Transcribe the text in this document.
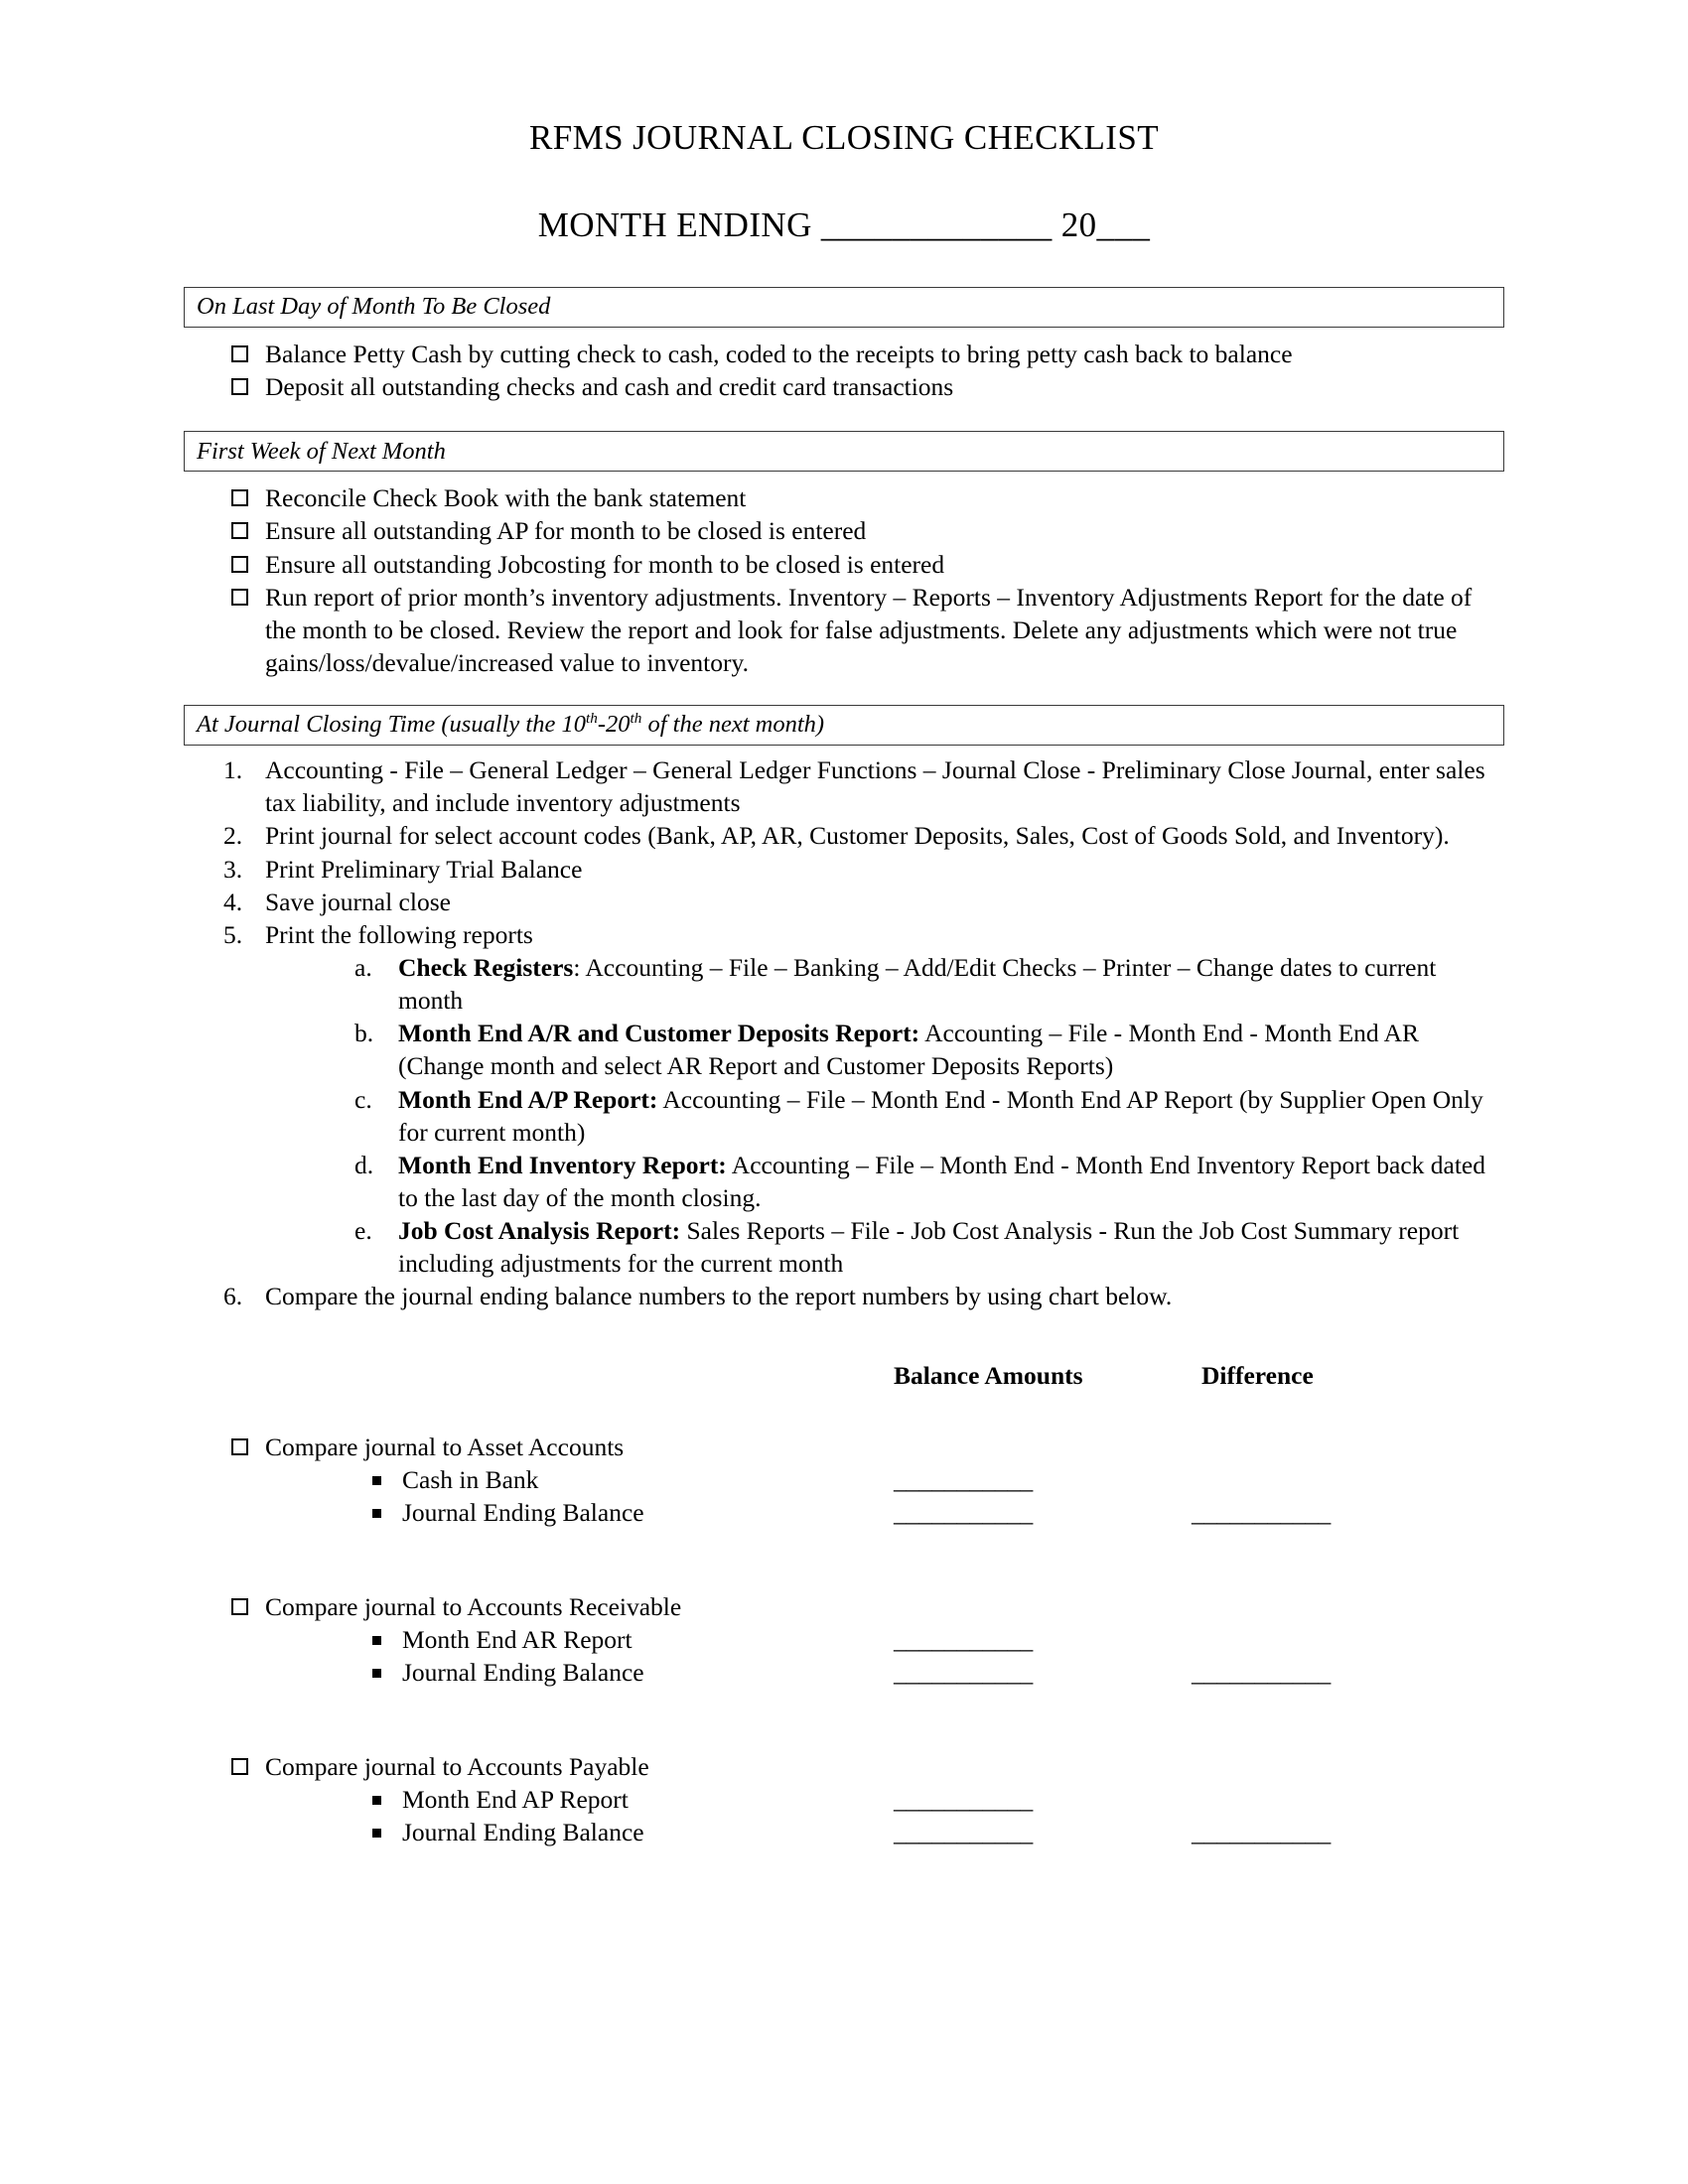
RFMS JOURNAL CLOSING CHECKLIST
MONTH ENDING _____________ 20___
On Last Day of Month To Be Closed
Balance Petty Cash by cutting check to cash, coded to the receipts to bring petty cash back to balance
Deposit all outstanding checks and cash and credit card transactions
First Week of Next Month
Reconcile Check Book with the bank statement
Ensure all outstanding AP for month to be closed is entered
Ensure all outstanding Jobcosting for month to be closed is entered
Run report of prior month’s inventory adjustments. Inventory – Reports – Inventory Adjustments Report for the date of the month to be closed. Review the report and look for false adjustments. Delete any adjustments which were not true gains/loss/devalue/increased value to inventory.
At Journal Closing Time (usually the 10th-20th of the next month)
1. Accounting - File – General Ledger – General Ledger Functions – Journal Close - Preliminary Close Journal, enter sales tax liability, and include inventory adjustments
2. Print journal for select account codes (Bank, AP, AR, Customer Deposits, Sales, Cost of Goods Sold, and Inventory).
3. Print Preliminary Trial Balance
4. Save journal close
5. Print the following reports
a.	Check Registers: Accounting – File – Banking – Add/Edit Checks – Printer – Change dates to current month
b. Month End A/R and Customer Deposits Report: Accounting – File - Month End - Month End AR (Change month and select AR Report and Customer Deposits Reports)
c.	Month End A/P Report: Accounting – File – Month End - Month End AP Report (by Supplier Open Only for current month)
d. Month End Inventory Report: Accounting – File – Month End - Month End Inventory Report back dated to the last day of the month closing.
e.	Job Cost Analysis Report: Sales Reports – File - Job Cost Analysis - Run the Job Cost Summary report including adjustments for the current month
6. Compare the journal ending balance numbers to the report numbers by using chart below.
Balance Amounts	Difference
Compare journal to Asset Accounts
Cash in Bank	___________
Journal Ending Balance	___________	___________
Compare journal to Accounts Receivable
Month End AR Report	___________
Journal Ending Balance	___________	___________
Compare journal to Accounts Payable
Month End AP Report	___________
Journal Ending Balance	___________	___________
